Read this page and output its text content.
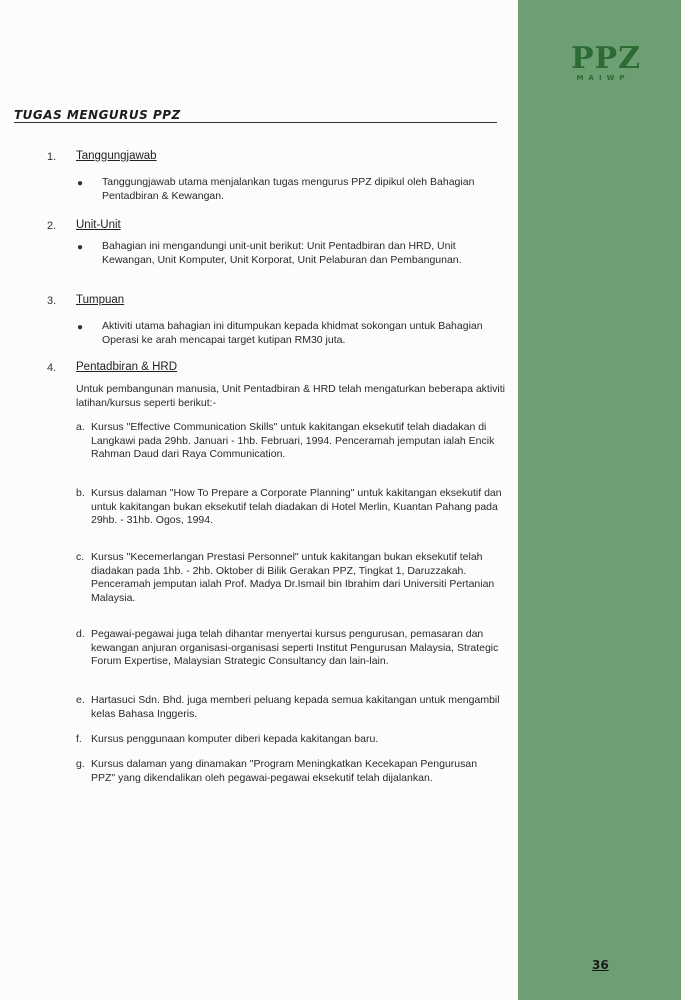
PPZ
MAIWP
TUGAS MENGURUS PPZ
1. Tanggungjawab
● Tanggungjawab utama menjalankan tugas mengurus PPZ dipikul oleh Bahagian Pentadbiran & Kewangan.
2. Unit-Unit
● Bahagian ini mengandungi unit-unit berikut: Unit Pentadbiran dan HRD, Unit Kewangan, Unit Komputer, Unit Korporat, Unit Pelaburan dan Pembangunan.
3. Tumpuan
● Aktiviti utama bahagian ini ditumpukan kepada khidmat sokongan untuk Bahagian Operasi ke arah mencapai target kutipan RM30 juta.
4. Pentadbiran & HRD
Untuk pembangunan manusia, Unit Pentadbiran & HRD telah mengaturkan beberapa aktiviti latihan/kursus seperti berikut:-
a. Kursus "Effective Communication Skills" untuk kakitangan eksekutif telah diadakan di Langkawi pada 29hb. Januari - 1hb. Februari, 1994. Penceramah jemputan ialah Encik Rahman Daud dari Raya Communication.
b. Kursus dalaman "How To Prepare a Corporate Planning" untuk kakitangan eksekutif dan untuk kakitangan bukan eksekutif telah diadakan di Hotel Merlin, Kuantan Pahang pada 29hb. - 31hb. Ogos, 1994.
c. Kursus "Kecemerlangan Prestasi Personnel" untuk kakitangan bukan eksekutif telah diadakan pada 1hb. - 2hb. Oktober di Bilik Gerakan PPZ, Tingkat 1, Daruzzakah.
Penceramah jemputan ialah Prof. Madya Dr.Ismail bin Ibrahim dari Universiti Pertanian Malaysia.
d. Pegawai-pegawai juga telah dihantar menyertai kursus pengurusan, pemasaran dan kewangan anjuran organisasi-organisasi seperti Institut Pengurusan Malaysia, Strategic Forum Expertise, Malaysian Strategic Consultancy dan lain-lain.
e. Hartasuci Sdn. Bhd. juga memberi peluang kepada semua kakitangan untuk mengambil kelas Bahasa Inggeris.
f. Kursus penggunaan komputer diberi kepada kakitangan baru.
g. Kursus dalaman yang dinamakan "Program Meningkatkan Kecekapan Pengurusan PPZ" yang dikendalikan oleh pegawai-pegawai eksekutif telah dijalankan.
36
